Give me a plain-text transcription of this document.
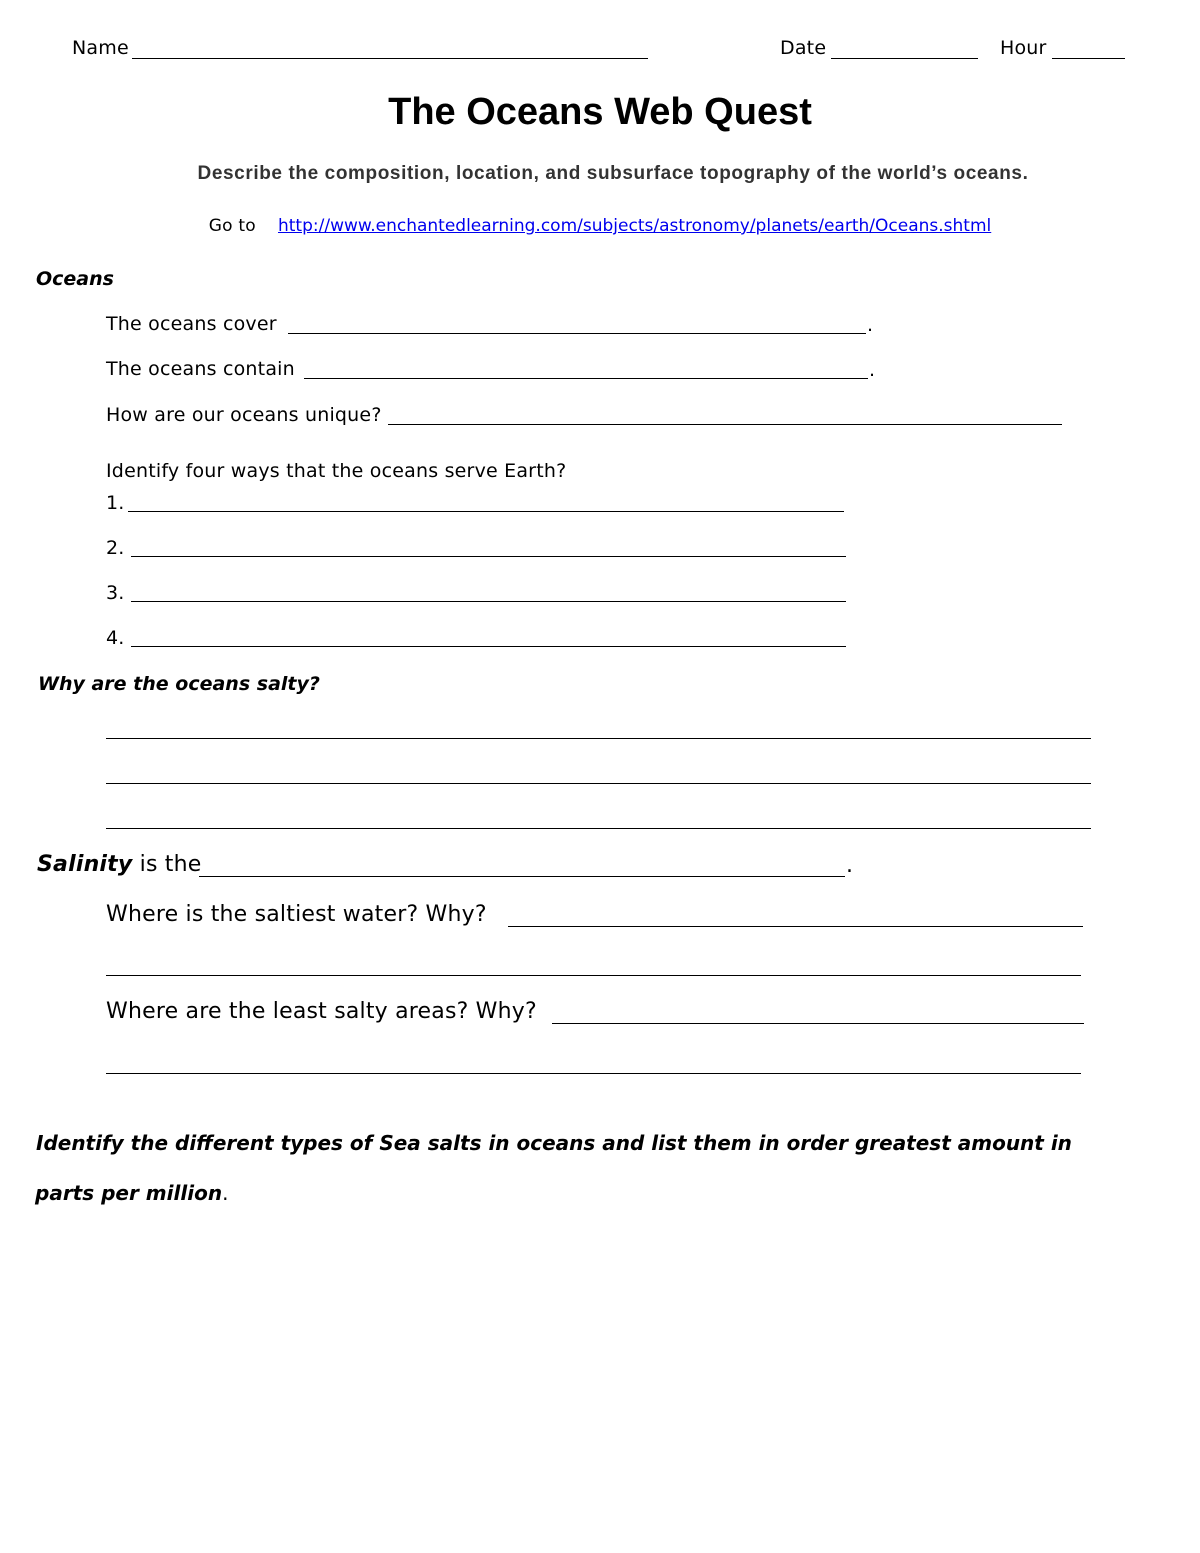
Name	Date	Hour
The Oceans Web Quest
Describe the composition, location, and subsurface topography of the world’s oceans.
Go to http://www.enchantedlearning.com/subjects/astronomy/planets/earth/Oceans.shtml
Oceans
The oceans cover	.
The oceans contain	.
How are our oceans unique?
Identify four ways that the oceans serve Earth?
1.
2.
3.
4.
Why are the oceans salty?
Salinity is the	.
Where is the saltiest water? Why?
Where are the least salty areas? Why?
Identify the different types of Sea salts in oceans and list them in order greatest amount in
parts per million.
